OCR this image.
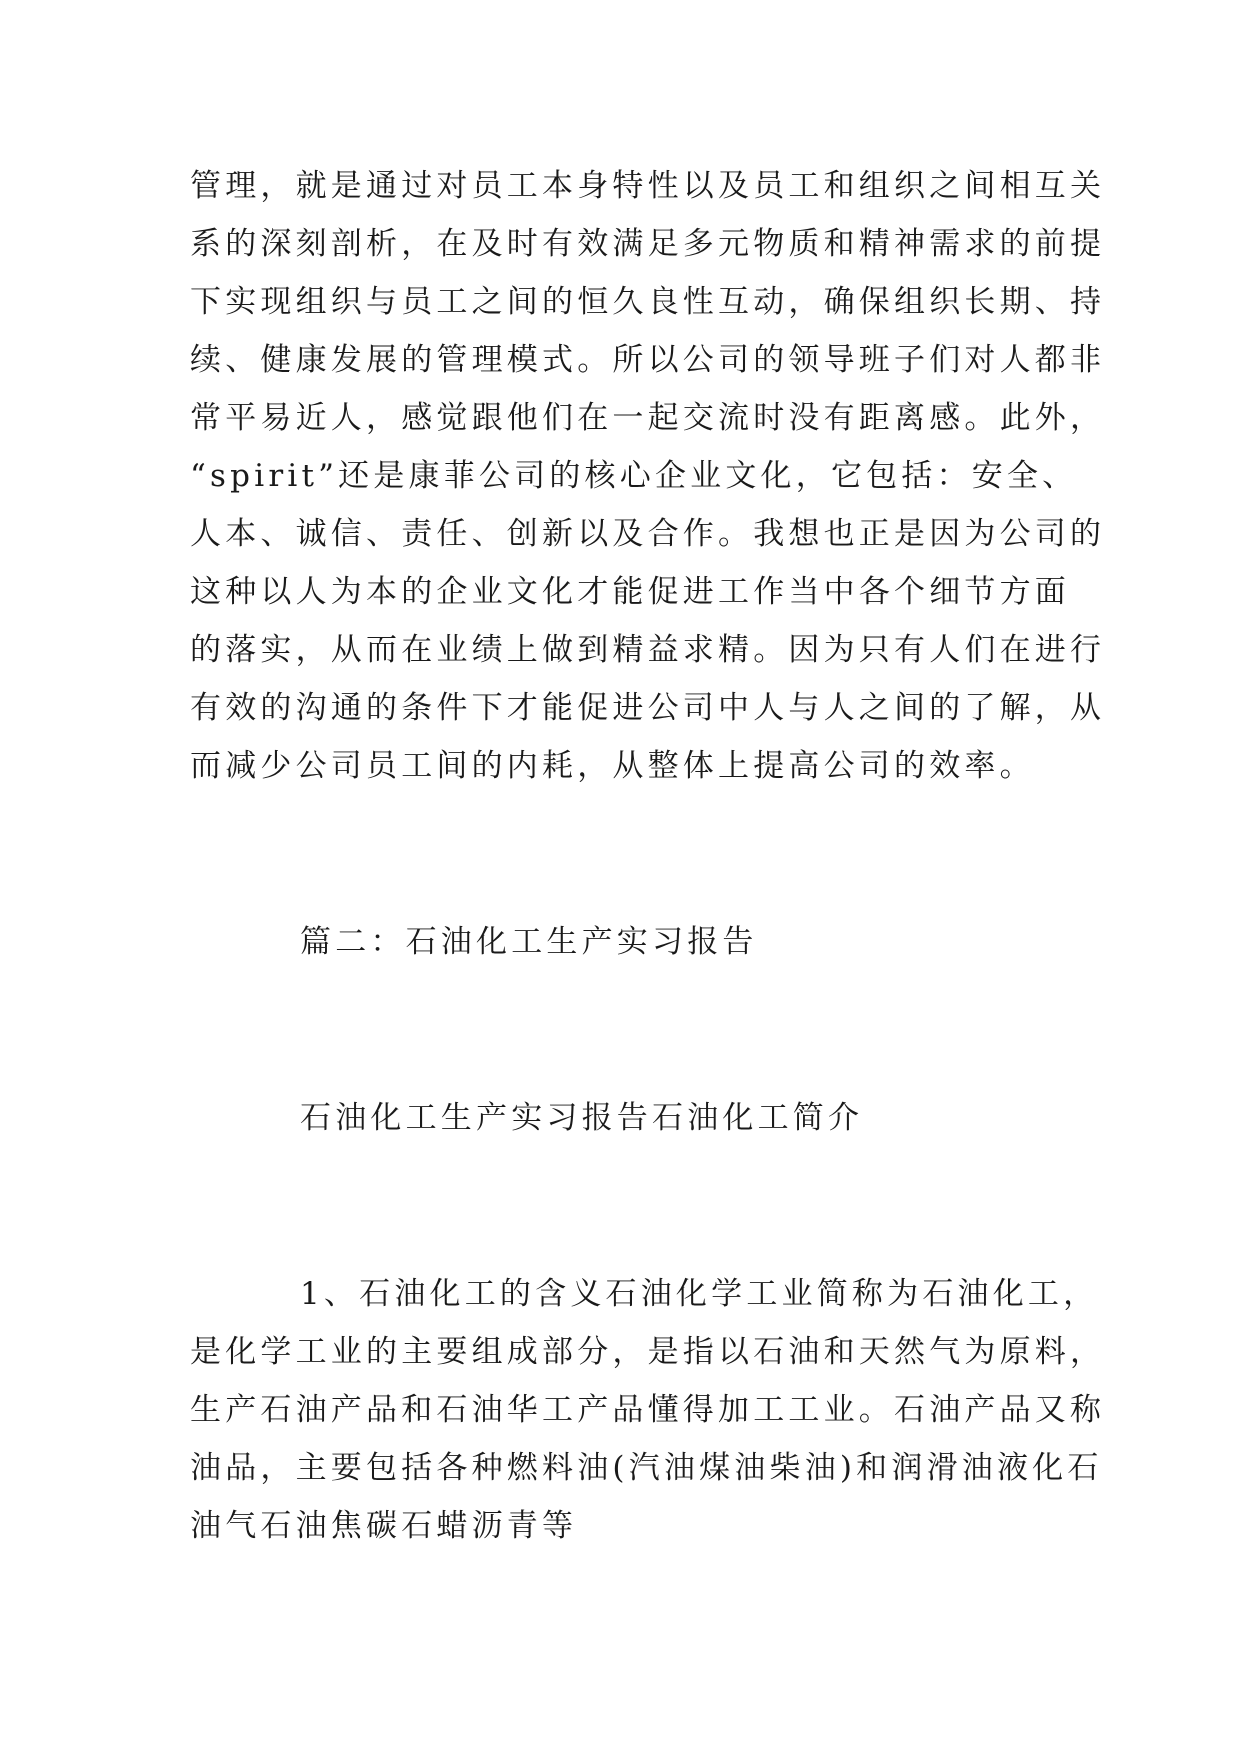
管理，就是通过对员工本身特性以及员工和组织之间相互关
系的深刻剖析，在及时有效满足多元物质和精神需求的前提
下实现组织与员工之间的恒久良性互动，确保组织长期、持
续、健康发展的管理模式。所以公司的领导班子们对人都非
常平易近人，感觉跟他们在一起交流时没有距离感。此外，
“spirit”还是康菲公司的核心企业文化，它包括：安全、
人本、诚信、责任、创新以及合作。我想也正是因为公司的
这种以人为本的企业文化才能促进工作当中各个细节方面
的落实，从而在业绩上做到精益求精。因为只有人们在进行
有效的沟通的条件下才能促进公司中人与人之间的了解，从
而减少公司员工间的内耗，从整体上提高公司的效率。
篇二：石油化工生产实习报告
石油化工生产实习报告石油化工简介
1、石油化工的含义石油化学工业简称为石油化工，
是化学工业的主要组成部分，是指以石油和天然气为原料，
生产石油产品和石油华工产品懂得加工工业。石油产品又称
油品，主要包括各种燃料油(汽油煤油柴油)和润滑油液化石
油气石油焦碳石蜡沥青等
